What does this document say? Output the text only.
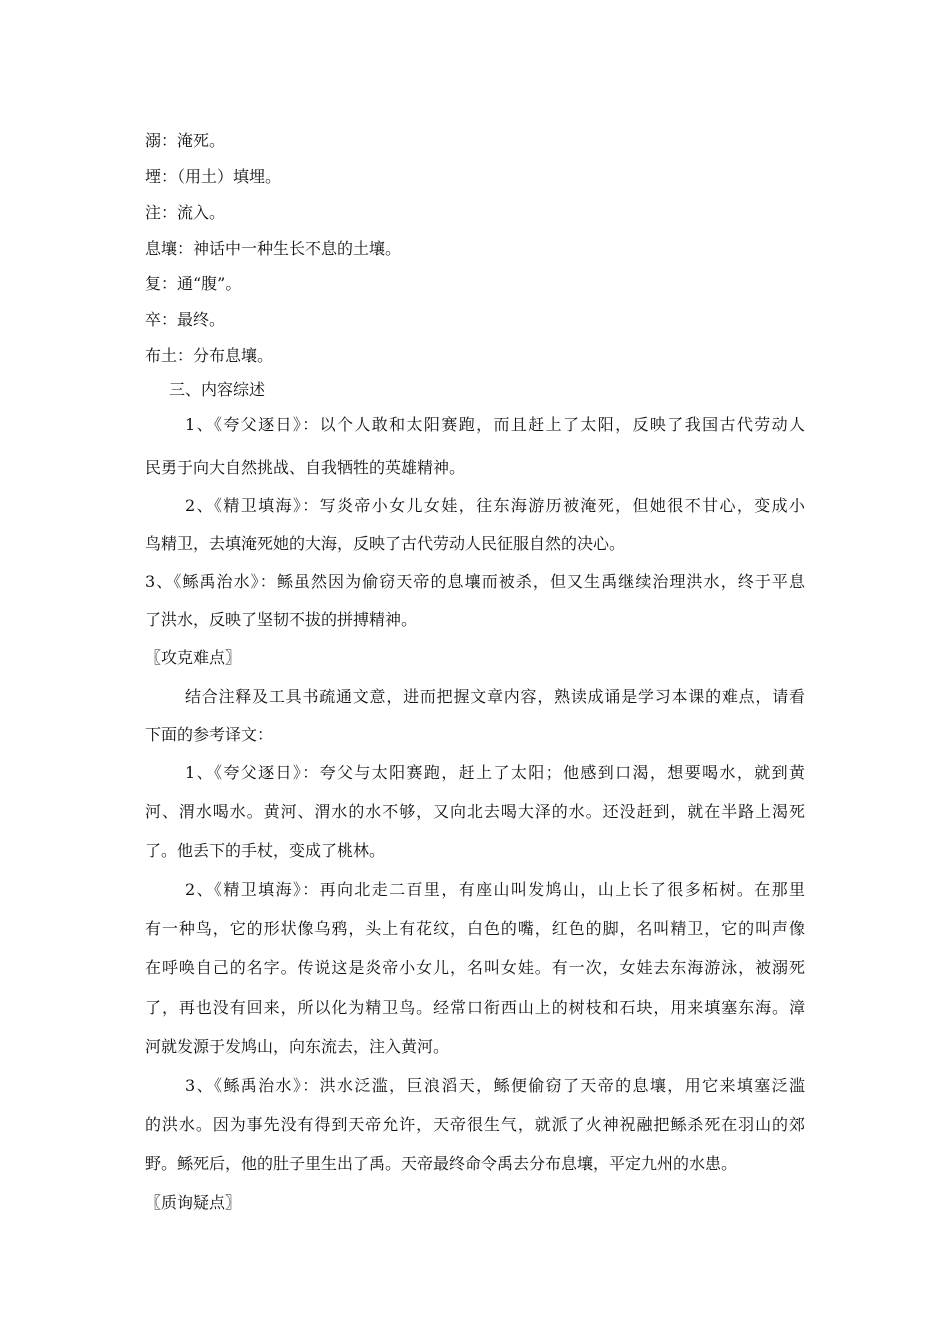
溺：淹死。
堙：（用土）填埋。
注：流入。
息壤：神话中一种生长不息的土壤。
复：通“腹”。
卒：最终。
布土：分布息壤。
三、内容综述
1、《夸父逐日》：以个人敢和太阳赛跑，而且赶上了太阳，反映了我国古代劳动人
民勇于向大自然挑战、自我牺牲的英雄精神。
2、《精卫填海》：写炎帝小女儿女娃，往东海游历被淹死，但她很不甘心，变成小
鸟精卫，去填淹死她的大海，反映了古代劳动人民征服自然的决心。
3、《鲧禹治水》：鲧虽然因为偷窃天帝的息壤而被杀，但又生禹继续治理洪水，终于平息
了洪水，反映了坚韧不拔的拼搏精神。
〖攻克难点〗
结合注释及工具书疏通文意，进而把握文章内容，熟读成诵是学习本课的难点，请看
下面的参考译文：
1、《夸父逐日》：夸父与太阳赛跑，赶上了太阳；他感到口渴，想要喝水，就到黄
河、渭水喝水。黄河、渭水的水不够，又向北去喝大泽的水。还没赶到，就在半路上渴死
了。他丢下的手杖，变成了桃林。
2、《精卫填海》：再向北走二百里，有座山叫发鸠山，山上长了很多柘树。在那里
有一种鸟，它的形状像乌鸦，头上有花纹，白色的嘴，红色的脚，名叫精卫，它的叫声像
在呼唤自己的名字。传说这是炎帝小女儿，名叫女娃。有一次，女娃去东海游泳，被溺死
了，再也没有回来，所以化为精卫鸟。经常口衔西山上的树枝和石块，用来填塞东海。漳
河就发源于发鸠山，向东流去，注入黄河。
3、《鲧禹治水》：洪水泛滥，巨浪滔天，鲧便偷窃了天帝的息壤，用它来填塞泛滥
的洪水。因为事先没有得到天帝允许，天帝很生气，就派了火神祝融把鲧杀死在羽山的郊
野。鲧死后，他的肚子里生出了禹。天帝最终命令禹去分布息壤，平定九州的水患。
〖质询疑点〗
